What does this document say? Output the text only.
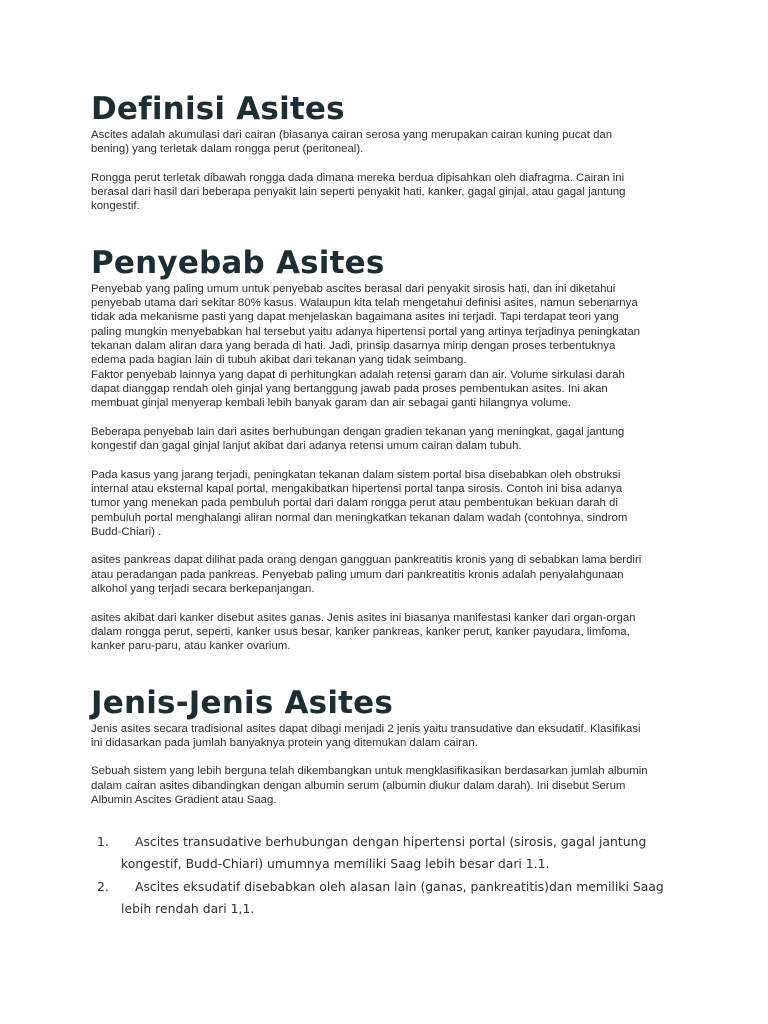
Definisi Asites

Ascites adalah akumulasi dari cairan (biasanya cairan serosa yang merupakan cairan kuning pucat dan
bening) yang terletak dalam rongga perut (peritoneal).

Rongga perut terletak dibawah rongga dada dimana mereka berdua dipisahkan oleh diafragma. Cairan ini
berasal dari hasil dari beberapa penyakit lain seperti penyakit hati, kanker, gagal ginjal, atau gagal jantung
kongestif.

Penyebab Asites

Penyebab yang paling umum untuk penyebab ascites berasal dari penyakit sirosis hati, dan ini diketahui
penyebab utama dari sekitar 80% kasus. Walaupun kita telah mengetahui definisi asites, namun sebenarnya
tidak ada mekanisme pasti yang dapat menjelaskan bagaimana asites ini terjadi. Tapi terdapat teori yang
paling mungkin menyebabkan hal tersebut yaitu adanya hipertensi portal yang artinya terjadinya peningkatan
tekanan dalam aliran dara yang berada di hati. Jadi, prinsip dasarnya mirip dengan proses terbentuknya
edema pada bagian lain di tubuh akibat dari tekanan yang tidak seimbang.
Faktor penyebab lainnya yang dapat di perhitungkan adalah retensi garam dan air. Volume sirkulasi darah
dapat dianggap rendah oleh ginjal yang bertanggung jawab pada proses pembentukan asites. Ini akan
membuat ginjal menyerap kembali lebih banyak garam dan air sebagai ganti hilangnya volume.

Beberapa penyebab lain dari asites berhubungan dengan gradien tekanan yang meningkat, gagal jantung
kongestif dan gagal ginjal lanjut akibat dari adanya retensi umum cairan dalam tubuh.

Pada kasus yang jarang terjadi, peningkatan tekanan dalam sistem portal bisa disebabkan oleh obstruksi
internal atau eksternal kapal portal, mengakibatkan hipertensi portal tanpa sirosis. Contoh ini bisa adanya
tumor yang menekan pada pembuluh portal dari dalam rongga perut atau pembentukan bekuan darah di
pembuluh portal menghalangi aliran normal dan meningkatkan tekanan dalam wadah (contohnya, sindrom
Budd-Chiari) .

asites pankreas dapat dilihat pada orang dengan gangguan pankreatitis kronis yang di sebabkan lama berdiri
atau peradangan pada pankreas. Penyebab paling umum dari pankreatitis kronis adalah penyalahgunaan
alkohol yang terjadi secara berkepanjangan.

asites akibat dari kanker disebut asites ganas. Jenis asites ini biasanya manifestasi kanker dari organ-organ
dalam rongga perut, seperti, kanker usus besar, kanker pankreas, kanker perut, kanker payudara, limfoma,
kanker paru-paru, atau kanker ovarium.

Jenis-Jenis Asites

Jenis asites secara tradisional asites dapat dibagi menjadi 2 jenis yaitu transudative dan eksudatif. Klasifikasi
ini didasarkan pada jumlah banyaknya protein yang ditemukan dalam cairan.

Sebuah sistem yang lebih berguna telah dikembangkan untuk mengklasifikasikan berdasarkan jumlah albumin
dalam cairan asites dibandingkan dengan albumin serum (albumin diukur dalam darah). Ini disebut Serum
Albumin Ascites Gradient atau Saag.

1.	Ascites transudative berhubungan dengan hipertensi portal (sirosis, gagal jantung kongestif, Budd-Chiari) umumnya memiliki Saag lebih besar dari 1.1.
2.	Ascites eksudatif disebabkan oleh alasan lain (ganas, pankreatitis)dan memiliki Saag lebih rendah dari 1,1.
